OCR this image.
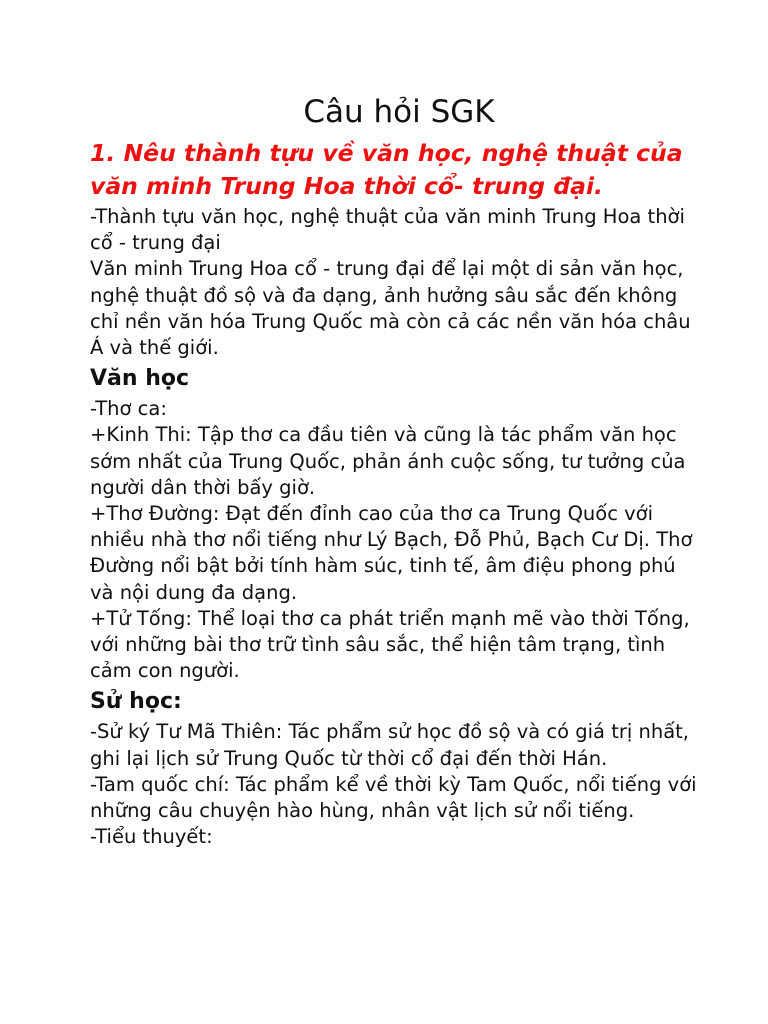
Câu hỏi SGK
1. Nêu thành tựu về văn học, nghệ thuật của văn minh Trung Hoa thời cổ- trung đại.

-Thành tựu văn học, nghệ thuật của văn minh Trung Hoa thời cổ - trung đại

Văn minh Trung Hoa cổ - trung đại để lại một di sản văn học, nghệ thuật đồ sộ và đa dạng, ảnh hưởng sâu sắc đến không chỉ nền văn hóa Trung Quốc mà còn cả các nền văn hóa châu Á và thế giới.

Văn học

-Thơ ca:

+Kinh Thi: Tập thơ ca đầu tiên và cũng là tác phẩm văn học sớm nhất của Trung Quốc, phản ánh cuộc sống, tư tưởng của người dân thời bấy giờ.

+Thơ Đường: Đạt đến đỉnh cao của thơ ca Trung Quốc với nhiều nhà thơ nổi tiếng như Lý Bạch, Đỗ Phủ, Bạch Cư Dị. Thơ Đường nổi bật bởi tính hàm súc, tinh tế, âm điệu phong phú và nội dung đa dạng.

+Tử Tống: Thể loại thơ ca phát triển mạnh mẽ vào thời Tống, với những bài thơ trữ tình sâu sắc, thể hiện tâm trạng, tình cảm con người.

Sử học:

-Sử ký Tư Mã Thiên: Tác phẩm sử học đồ sộ và có giá trị nhất, ghi lại lịch sử Trung Quốc từ thời cổ đại đến thời Hán.

-Tam quốc chí: Tác phẩm kể về thời kỳ Tam Quốc, nổi tiếng với những câu chuyện hào hùng, nhân vật lịch sử nổi tiếng.

-Tiểu thuyết:
